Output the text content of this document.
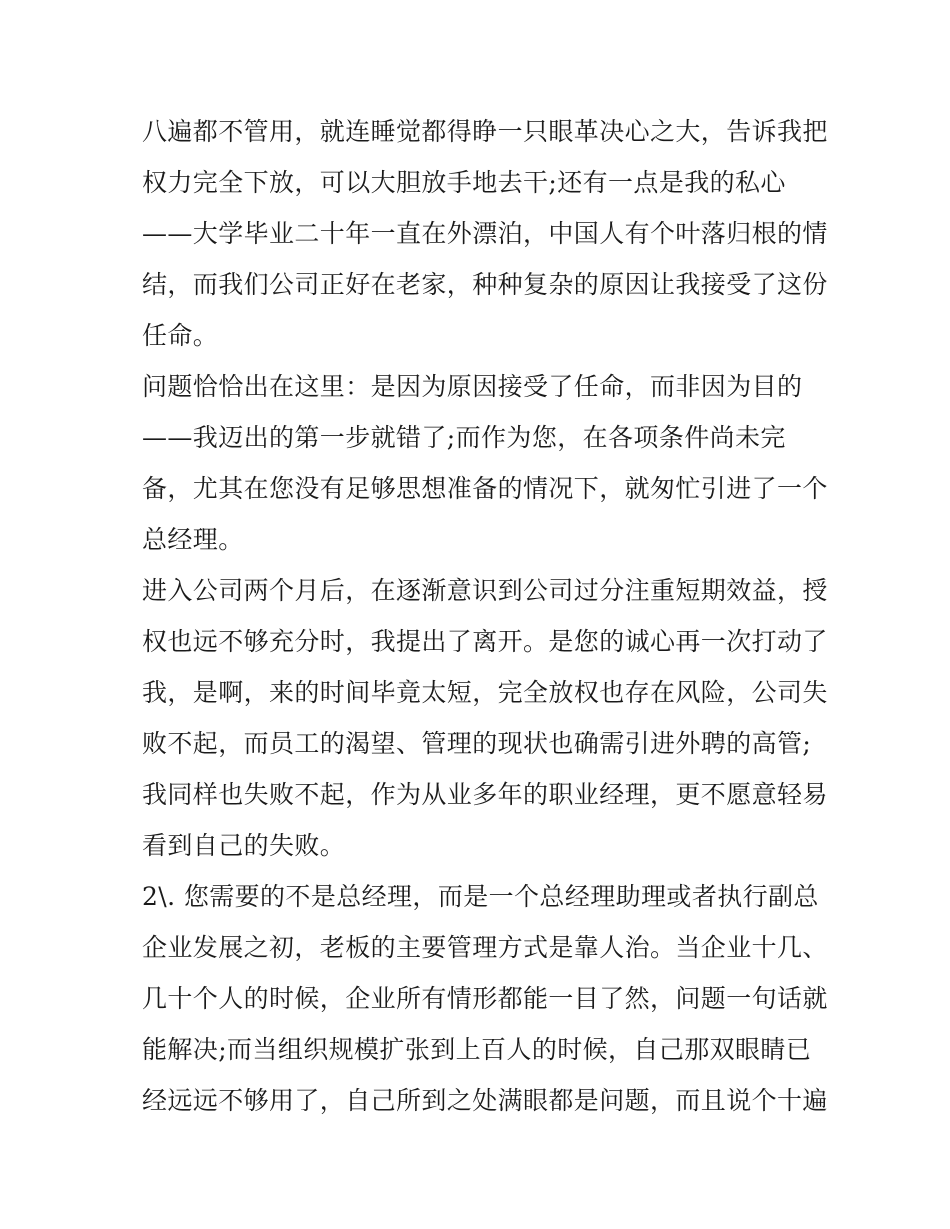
八遍都不管用，就连睡觉都得睁一只眼革决心之大，告诉我把
权力完全下放，可以大胆放手地去干;还有一点是我的私心
——大学毕业二十年一直在外漂泊，中国人有个叶落归根的情
结，而我们公司正好在老家，种种复杂的原因让我接受了这份
任命。
问题恰恰出在这里：是因为原因接受了任命，而非因为目的
——我迈出的第一步就错了;而作为您，在各项条件尚未完
备，尤其在您没有足够思想准备的情况下，就匆忙引进了一个
总经理。
进入公司两个月后，在逐渐意识到公司过分注重短期效益，授
权也远不够充分时，我提出了离开。是您的诚心再一次打动了
我，是啊，来的时间毕竟太短，完全放权也存在风险，公司失
败不起，而员工的渴望、管理的现状也确需引进外聘的高管;
我同样也失败不起，作为从业多年的职业经理，更不愿意轻易
看到自己的失败。
2\. 您需要的不是总经理，而是一个总经理助理或者执行副总
企业发展之初，老板的主要管理方式是靠人治。当企业十几、
几十个人的时候，企业所有情形都能一目了然，问题一句话就
能解决;而当组织规模扩张到上百人的时候，自己那双眼睛已
经远远不够用了，自己所到之处满眼都是问题，而且说个十遍
